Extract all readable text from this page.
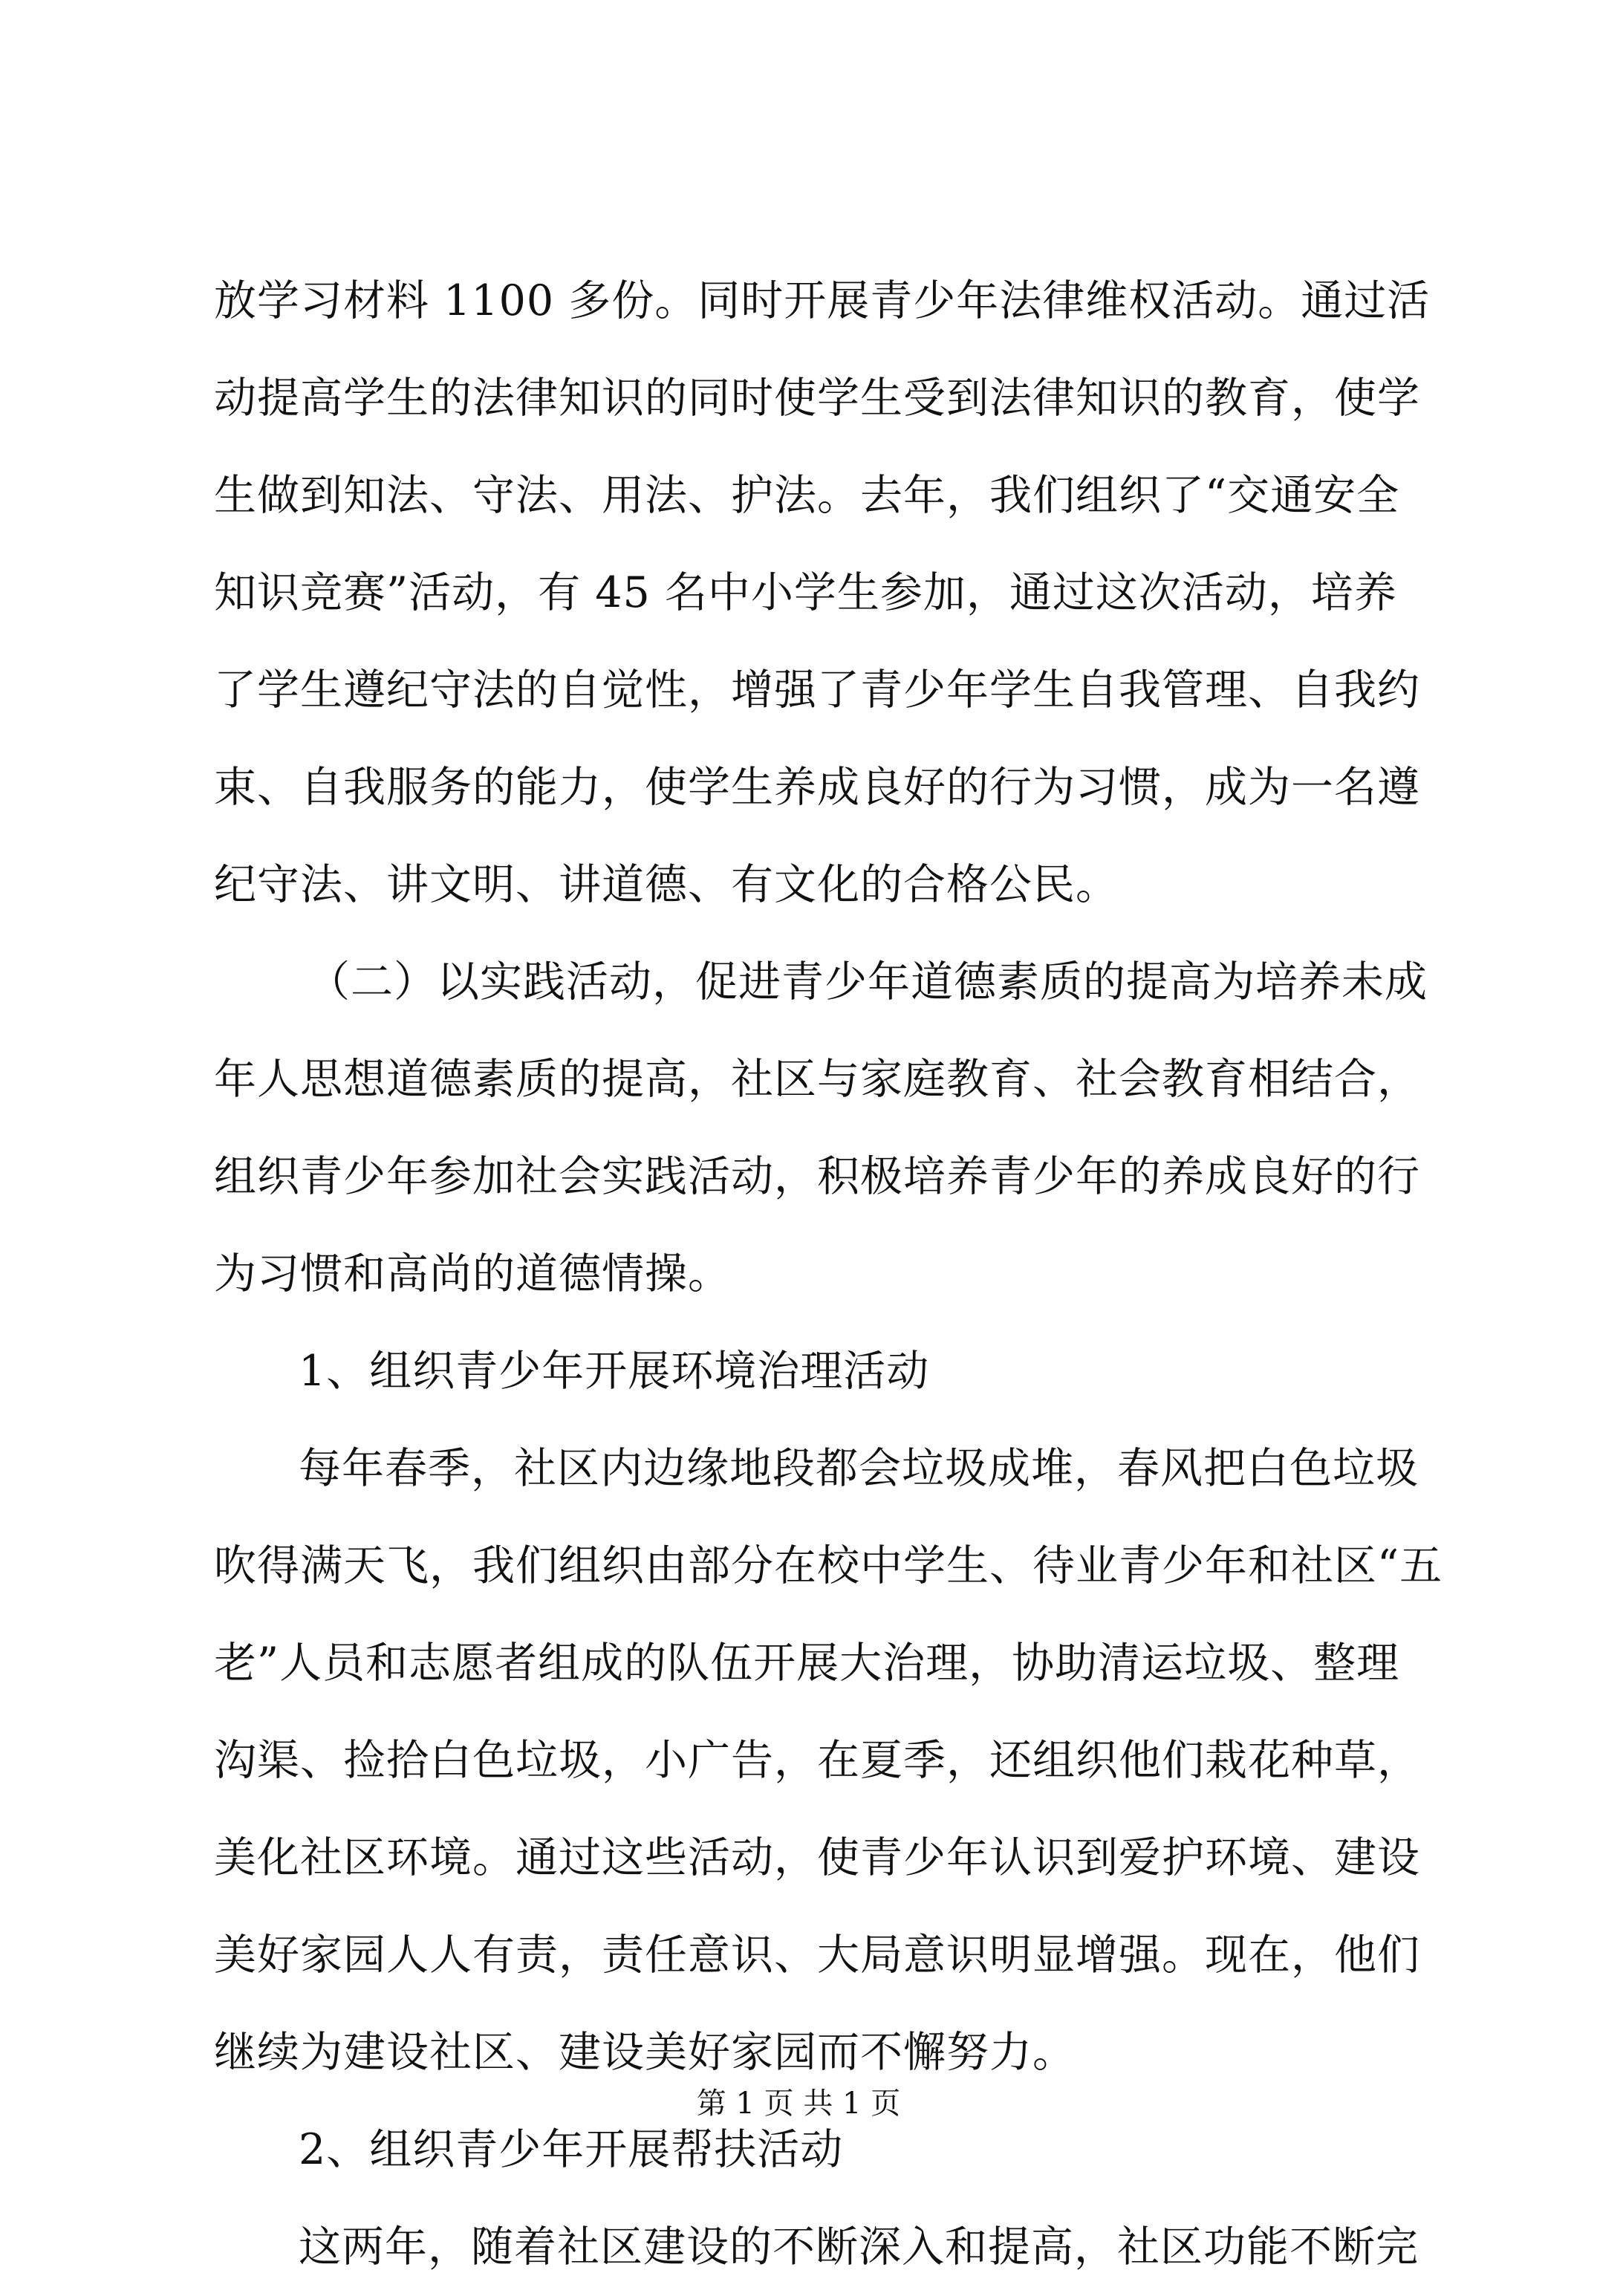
放学习材料 1100 多份。同时开展青少年法律维权活动。通过活
动提高学生的法律知识的同时使学生受到法律知识的教育，使学
生做到知法、守法、用法、护法。去年，我们组织了“交通安全
知识竞赛”活动，有 45 名中小学生参加，通过这次活动，培养
了学生遵纪守法的自觉性，增强了青少年学生自我管理、自我约
束、自我服务的能力，使学生养成良好的行为习惯，成为一名遵
纪守法、讲文明、讲道德、有文化的合格公民。
（二）以实践活动，促进青少年道德素质的提高为培养未成
年人思想道德素质的提高，社区与家庭教育、社会教育相结合，
组织青少年参加社会实践活动，积极培养青少年的养成良好的行
为习惯和高尚的道德情操。
1、组织青少年开展环境治理活动
每年春季，社区内边缘地段都会垃圾成堆，春风把白色垃圾
吹得满天飞，我们组织由部分在校中学生、待业青少年和社区“五
老”人员和志愿者组成的队伍开展大治理，协助清运垃圾、整理
沟渠、捡拾白色垃圾，小广告，在夏季，还组织他们栽花种草，
美化社区环境。通过这些活动，使青少年认识到爱护环境、建设
美好家园人人有责，责任意识、大局意识明显增强。现在，他们
继续为建设社区、建设美好家园而不懈努力。
2、组织青少年开展帮扶活动
这两年，随着社区建设的不断深入和提高，社区功能不断完
第 1 页 共 1 页
